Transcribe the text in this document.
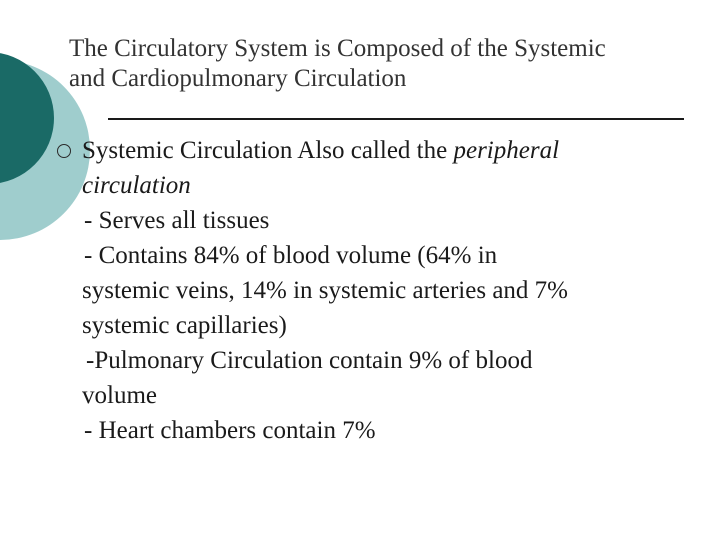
The Circulatory System is Composed of the Systemic
and Cardiopulmonary Circulation
Systemic Circulation Also called the peripheral
circulation
- Serves all tissues
- Contains 84% of blood volume (64% in
systemic veins, 14% in systemic arteries and 7%
systemic capillaries)
-Pulmonary Circulation contain 9% of blood
volume
- Heart chambers contain 7%
